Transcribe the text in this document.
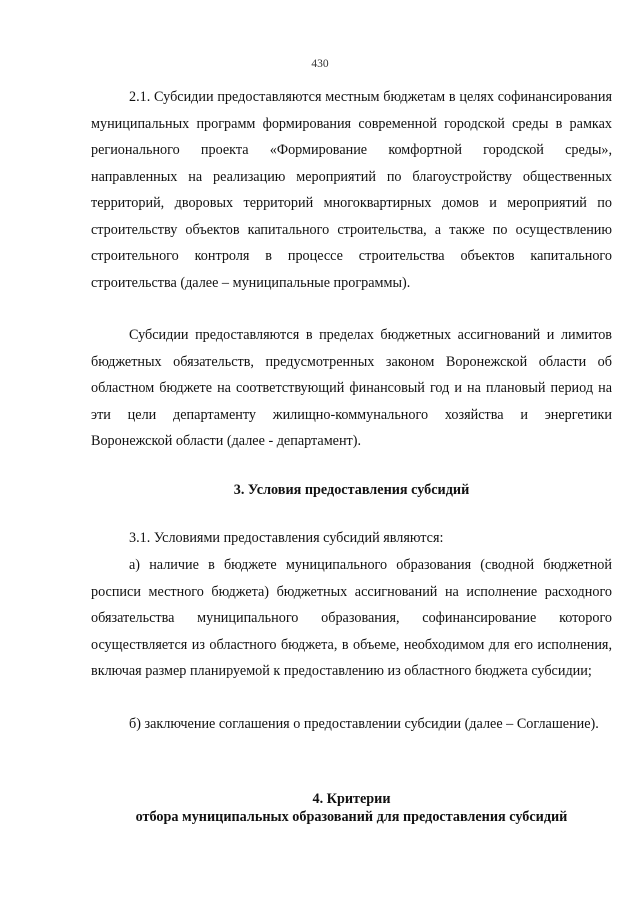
430

2.1. Субсидии предоставляются местным бюджетам в целях софинансирования муниципальных программ формирования современной городской среды в рамках регионального проекта «Формирование комфортной городской среды», направленных на реализацию мероприятий по благоустройству общественных территорий, дворовых территорий многоквартирных домов и мероприятий по строительству объектов капитального строительства, а также по осуществлению строительного контроля в процессе строительства объектов капитального строительства (далее – муниципальные программы).

Субсидии предоставляются в пределах бюджетных ассигнований и лимитов бюджетных обязательств, предусмотренных законом Воронежской области об областном бюджете на соответствующий финансовый год и на плановый период на эти цели департаменту жилищно-коммунального хозяйства и энергетики Воронежской области (далее - департамент).

3. Условия предоставления субсидий

3.1. Условиями предоставления субсидий являются:

а) наличие в бюджете муниципального образования (сводной бюджетной росписи местного бюджета) бюджетных ассигнований на исполнение расходного обязательства муниципального образования, софинансирование которого осуществляется из областного бюджета, в объеме, необходимом для его исполнения, включая размер планируемой к предоставлению из областного бюджета субсидии;

б) заключение соглашения о предоставлении субсидии (далее – Соглашение).

4. Критерии
отбора муниципальных образований для предоставления субсидий
